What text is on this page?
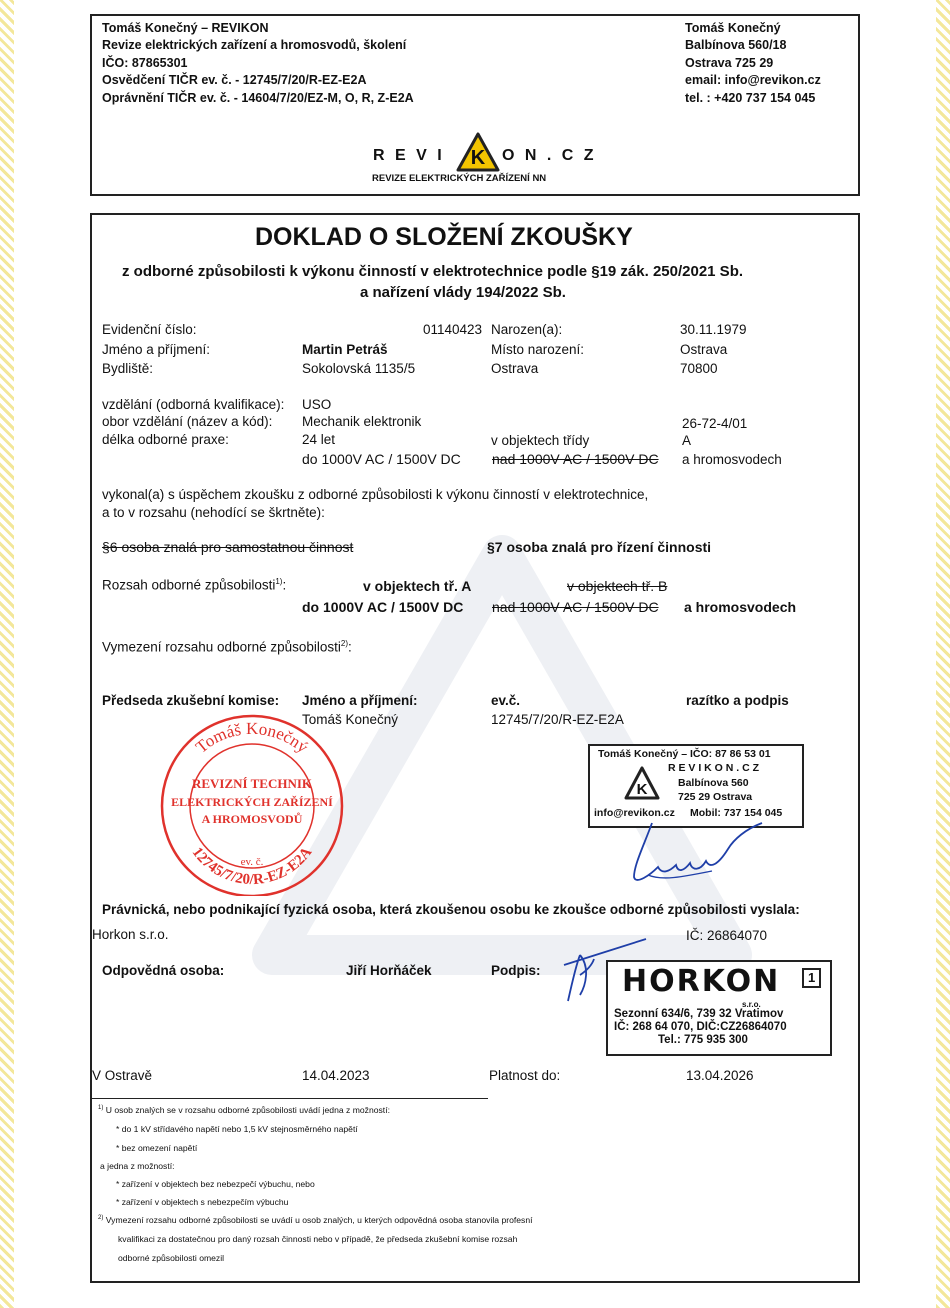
Tomáš Konečný – REVIKON
Revize elektrických zařízení a hromosvodů, školení
IČO: 87865301
Osvědčení TIČR ev. č. - 12745/7/20/R-EZ-E2A
Oprávnění TIČR ev. č. - 14604/7/20/EZ-M, O, R, Z-E2A
Tomáš Konečný
Balbínova 560/18
Ostrava 725 29
email: info@revikon.cz
tel. : +420 737 154 045
R E V I K O N . C Z
REVIZE ELEKTRICKÝCH ZAŘÍZENÍ NN
DOKLAD O SLOŽENÍ ZKOUŠKY
z odborné způsobilosti k výkonu činností v elektrotechnice podle §19 zák. 250/2021 Sb.
a nařízení vlády 194/2022 Sb.
Evidenční číslo:	01140423 Narozen(a):	30.11.1979
Jméno a příjmení:	Martin Petráš	Místo narození:	Ostrava
Bydliště:	Sokolovská 1135/5	Ostrava	70800
vzdělání (odborná kvalifikace): USO
obor vzdělání (název a kód): Mechanik elektronik	26-72-4/01
délka odborné praxe:	24 let	v objektech třídy	A
do 1000V AC / 1500V DC nad 1000V AC / 1500V DC a hromosvodech
vykonal(a) s úspěchem zkoušku z odborné způsobilosti k výkonu činností v elektrotechnice,
a to v rozsahu (nehodící se škrtněte):
§6 osoba znalá pro samostatnou činnost	§7 osoba znalá pro řízení činnosti
Rozsah odborné způsobilosti$^{1)}$:	v objektech tř. A	v objektech tř. B
do 1000V AC / 1500V DC nad 1000V AC / 1500V DC a hromosvodech
Vymezení rozsahu odborné způsobilosti$^{2)}$:
Předseda zkušební komise: Jméno a příjmení:	ev.č.	razítko a podpis
Tomáš Konečný	12745/7/20/R-EZ-E2A
Tomáš Konečný
12745/7/20/R-EZ-E2A
REVIZNÍ TECHNIK
ELEKTRICKÝCH ZAŘÍZENÍ
A HROMOSVODŮ
ev. č.
Tomáš Konečný – IČO: 87 86 53 01
R E V I K O N . C Z
K	Balbínova 560
725 29 Ostrava
info@revikon.cz Mobil: 737 154 045
Právnická, nebo podnikající fyzická osoba, která zkoušenou osobu ke zkoušce odborné způsobilosti vyslala:
Horkon s.r.o.	IČ: 26864070
Odpovědná osoba:	Jiří Horňáček	Podpis:	HORKON	1
s.r.o.
Sezonní 634/6, 739 32 Vratimov
IČ: 268 64 070, DIČ:CZ26864070
Tel.: 775 935 300
V Ostravě	14.04.2023	Platnost do:	13.04.2026
$^{1)}$ U osob znalých se v rozsahu odborné způsobilosti uvádí jedna z možností:
* do 1 kV střídavého napětí nebo 1,5 kV stejnosměrného napětí
* bez omezení napětí
a jedna z možností:
* zařízení v objektech bez nebezpečí výbuchu, nebo
* zařízení v objektech s nebezpečím výbuchu
$^{2)}$ Vymezení rozsahu odborné způsobilosti se uvádí u osob znalých, u kterých odpovědná osoba stanovila profesní
kvalifikaci za dostatečnou pro daný rozsah činnosti nebo v případě, že předseda zkušební komise rozsah
odborné způsobilosti omezil
